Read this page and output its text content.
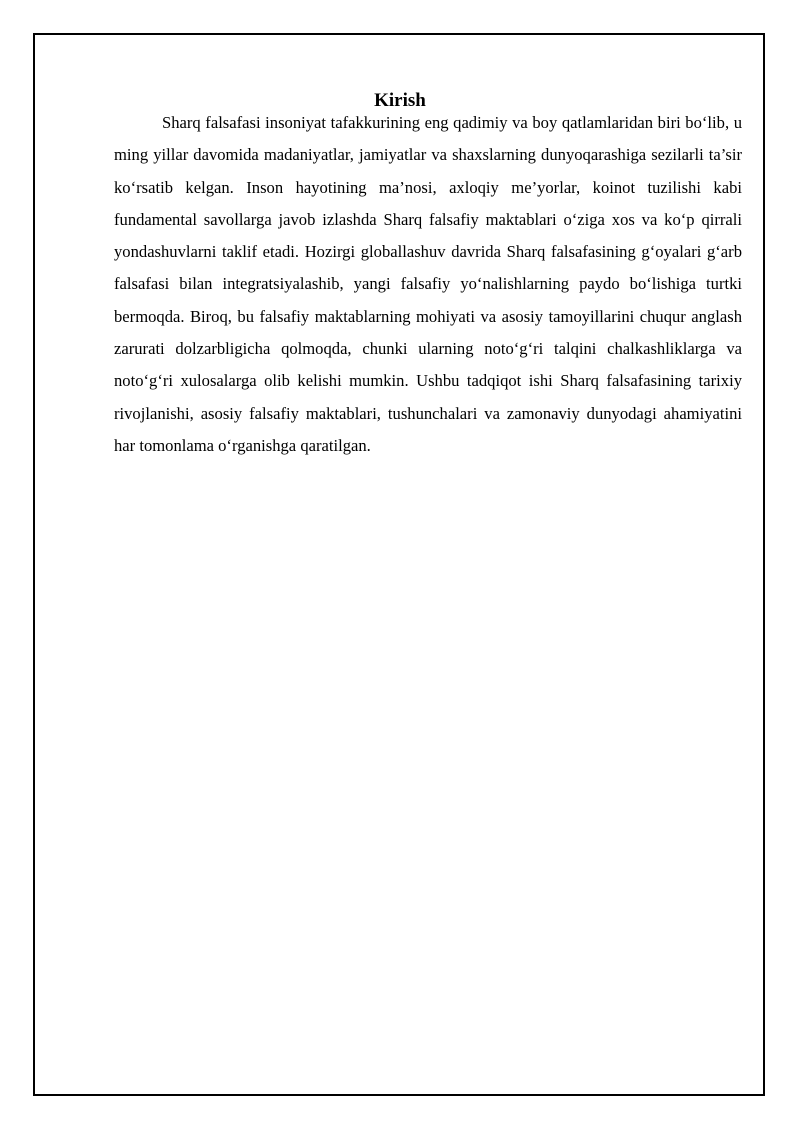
Kirish

Sharq falsafasi insoniyat tafakkurining eng qadimiy va boy qatlamlaridan biri bo‘lib, u ming yillar davomida madaniyatlar, jamiyatlar va shaxslarning dunyoqarashiga sezilarli ta’sir ko‘rsatib kelgan. Inson hayotining ma’nosi, axloqiy me’yorlar, koinot tuzilishi kabi fundamental savollarga javob izlashda Sharq falsafiy maktablari o‘ziga xos va ko‘p qirrali yondashuvlarni taklif etadi. Hozirgi globallashuv davrida Sharq falsafasining g‘oyalari g‘arb falsafasi bilan integratsiyalashib, yangi falsafiy yo‘nalishlarning paydo bo‘lishiga turtki bermoqda. Biroq, bu falsafiy maktablarning mohiyati va asosiy tamoyillarini chuqur anglash zarurati dolzarbligicha qolmoqda, chunki ularning noto‘g‘ri talqini chalkashliklarga va noto‘g‘ri xulosalarga olib kelishi mumkin. Ushbu tadqiqot ishi Sharq falsafasining tarixiy rivojlanishi, asosiy falsafiy maktablari, tushunchalari va zamonaviy dunyodagi ahamiyatini har tomonlama o‘rganishga qaratilgan.
